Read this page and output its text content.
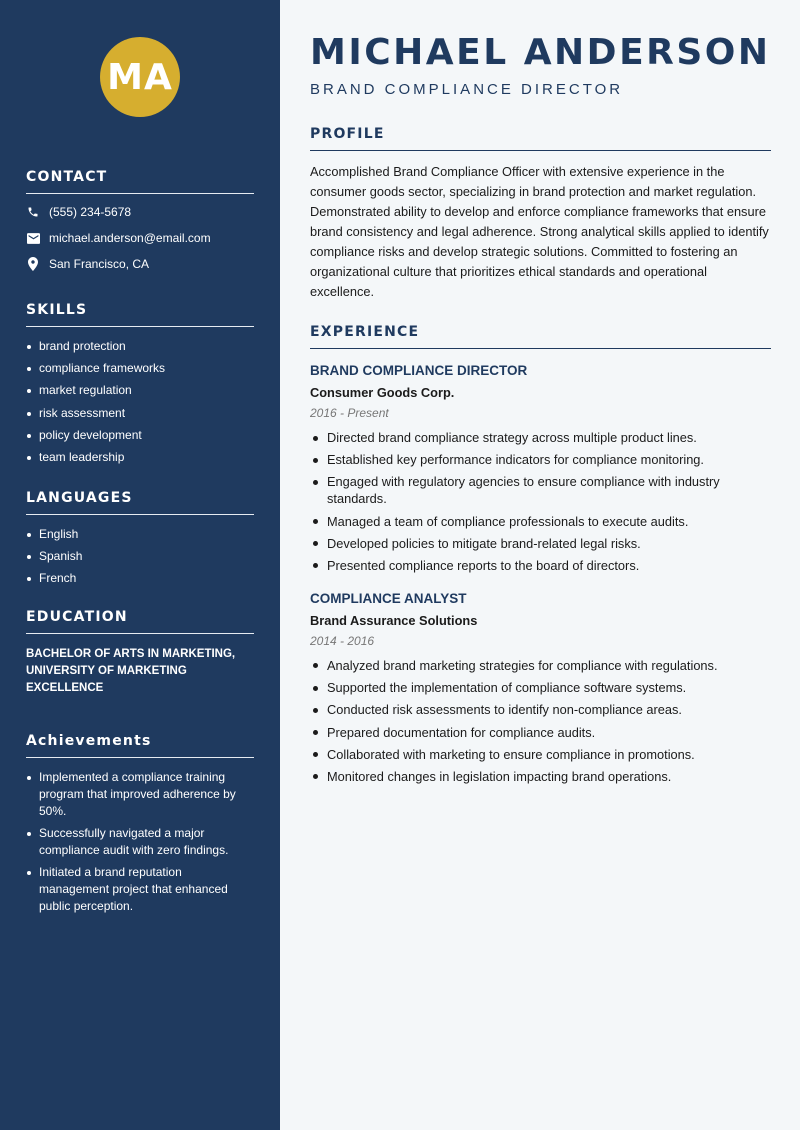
MA
CONTACT
(555) 234-5678
michael.anderson@email.com
San Francisco, CA
SKILLS
brand protection
compliance frameworks
market regulation
risk assessment
policy development
team leadership
LANGUAGES
English
Spanish
French
EDUCATION
BACHELOR OF ARTS IN MARKETING, UNIVERSITY OF MARKETING EXCELLENCE
Achievements
Implemented a compliance training program that improved adherence by 50%.
Successfully navigated a major compliance audit with zero findings.
Initiated a brand reputation management project that enhanced public perception.
MICHAEL ANDERSON
BRAND COMPLIANCE DIRECTOR
PROFILE

Accomplished Brand Compliance Officer with extensive experience in the consumer goods sector, specializing in brand protection and market regulation. Demonstrated ability to develop and enforce compliance frameworks that ensure brand consistency and legal adherence. Strong analytical skills applied to identify compliance risks and develop strategic solutions. Committed to fostering an organizational culture that prioritizes ethical standards and operational excellence.

EXPERIENCE
BRAND COMPLIANCE DIRECTOR
Consumer Goods Corp.
2016 - Present
Directed brand compliance strategy across multiple product lines.
Established key performance indicators for compliance monitoring.
Engaged with regulatory agencies to ensure compliance with industry standards.
Managed a team of compliance professionals to execute audits.
Developed policies to mitigate brand-related legal risks.
Presented compliance reports to the board of directors.
COMPLIANCE ANALYST
Brand Assurance Solutions
2014 - 2016
Analyzed brand marketing strategies for compliance with regulations.
Supported the implementation of compliance software systems.
Conducted risk assessments to identify non-compliance areas.
Prepared documentation for compliance audits.
Collaborated with marketing to ensure compliance in promotions.
Monitored changes in legislation impacting brand operations.
